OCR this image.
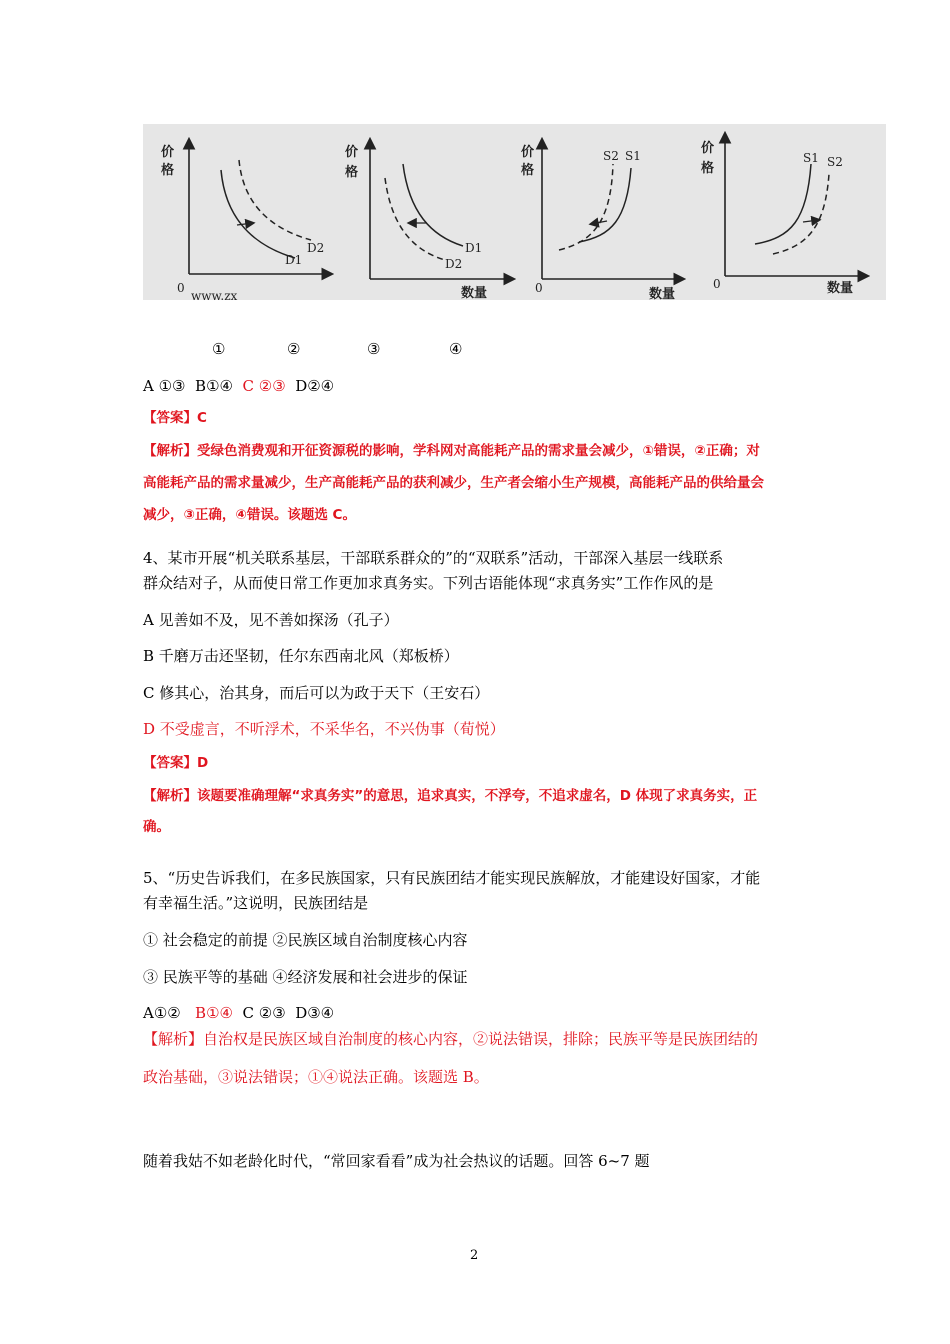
价
格
0
www.zx
D2
D1
价
格
数量
D1
D2
价
格
0	数量
S2 S1	价
格
0	数量
S1 S2
①	②	③	④
A ①③ B①④ C ②③ D②④
【答案】C
【解析】受绿色消费观和开征资源税的影响，学科网对高能耗产品的需求量会减少，①错误，②正确；对
高能耗产品的需求量减少，生产高能耗产品的获利减少，生产者会缩小生产规模，高能耗产品的供给量会
减少，③正确，④错误。该题选 C。
4、某市开展“机关联系基层，干部联系群众的”的“双联系”活动，干部深入基层一线联系
群众结对子，从而使日常工作更加求真务实。下列古语能体现“求真务实”工作作风的是
A 见善如不及，见不善如探汤（孔子）
B 千磨万击还坚韧，任尔东西南北风（郑板桥）
C 修其心，治其身，而后可以为政于天下（王安石）
D 不受虚言，不听浮术，不采华名，不兴伪事（荀悦）
【答案】D
【解析】该题要准确理解“求真务实”的意思，追求真实，不浮夸，不追求虚名，D 体现了求真务实，正
确。
5、“历史告诉我们，在多民族国家，只有民族团结才能实现民族解放，才能建设好国家，才能
有幸福生活。”这说明，民族团结是
① 社会稳定的前提 ②民族区域自治制度核心内容
③ 民族平等的基础 ④经济发展和社会进步的保证
A①② B①④ C ②③ D③④
【解析】自治权是民族区域自治制度的核心内容，②说法错误，排除；民族平等是民族团结的
政治基础，③说法错误；①④说法正确。该题选 B。
随着我姑不如老龄化时代，“常回家看看”成为社会热议的话题。回答 6~7 题
2
